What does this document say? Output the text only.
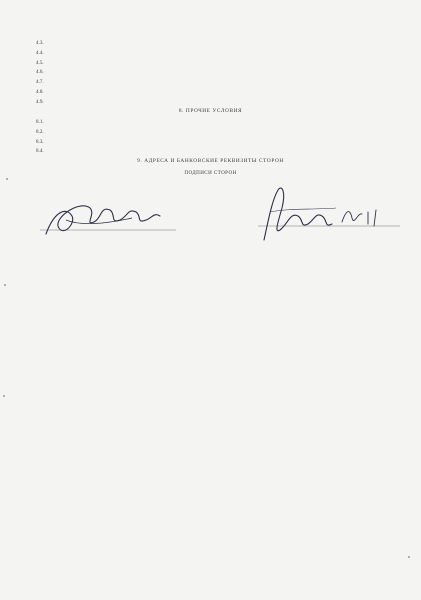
4.3.

4.4.

4.5.

4.6.

4.7.

4.8.

4.9.

8. ПРОЧИЕ УСЛОВИЯ

8.1.

8.2.

8.3.

8.4.

9. АДРЕСА И БАНКОВСКИЕ РЕКВИЗИТЫ СТОРОН

ПОДПИСИ СТОРОН
